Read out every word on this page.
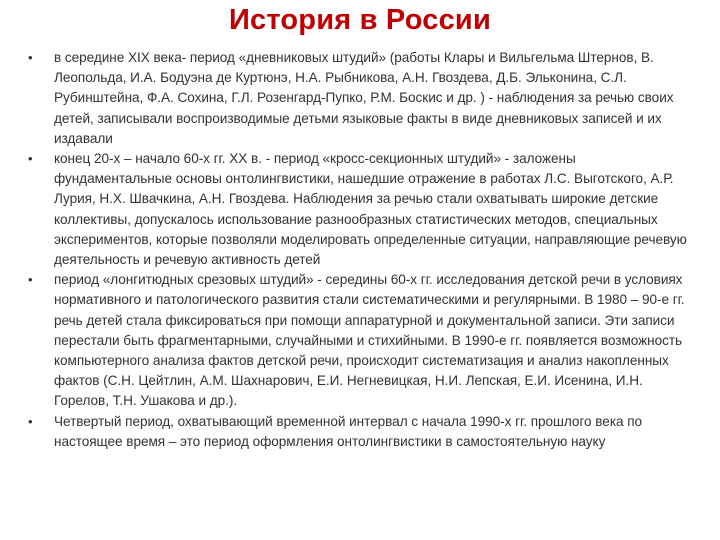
История в России
•	в середине XIX века- период «дневниковых штудий» (работы Клары и Вильгельма Штернов, В. Леопольда, И.А. Бодуэна де Куртюнэ, Н.А. Рыбникова, А.Н. Гвоздева, Д.Б. Эльконина, С.Л. Рубинштейна, Ф.А. Сохина, Г.Л. Розенгард-Пупко, Р.М. Боскис и др. ) - наблюдения за речью своих детей, записывали воспроизводимые детьми языковые факты в виде дневниковых записей и их издавали
•	конец 20-х – начало 60-х гг. XX в. - период «кросс-секционных штудий» - заложены фундаментальные основы онтолингвистики, нашедшие отражение в работах Л.С. Выготского, А.Р. Лурия, Н.Х. Швачкина, А.Н. Гвоздева. Наблюдения за речью стали охватывать широкие детские коллективы, допускалось использование разнообразных статистических методов, специальных экспериментов, которые позволяли моделировать определенные ситуации, направляющие речевую деятельность и речевую активность детей
•	период «лонгитюдных срезовых штудий» - середины 60-х гг. исследования детской речи в условиях нормативного и патологического развития стали систематическими и регулярными. В 1980 – 90-е гг. речь детей стала фиксироваться при помощи аппаратурной и документальной записи. Эти записи перестали быть фрагментарными, случайными и стихийными. В 1990-е гг. появляется возможность компьютерного анализа фактов детской речи, происходит систематизация и анализ накопленных фактов (С.Н. Цейтлин, А.М. Шахнарович, Е.И. Негневицкая, Н.И. Лепская, Е.И. Исенина, И.Н. Горелов, Т.Н. Ушакова и др.).
•	Четвертый период, охватывающий временной интервал с начала 1990-х гг. прошлого века по настоящее время – это период оформления онтолингвистики в самостоятельную науку
